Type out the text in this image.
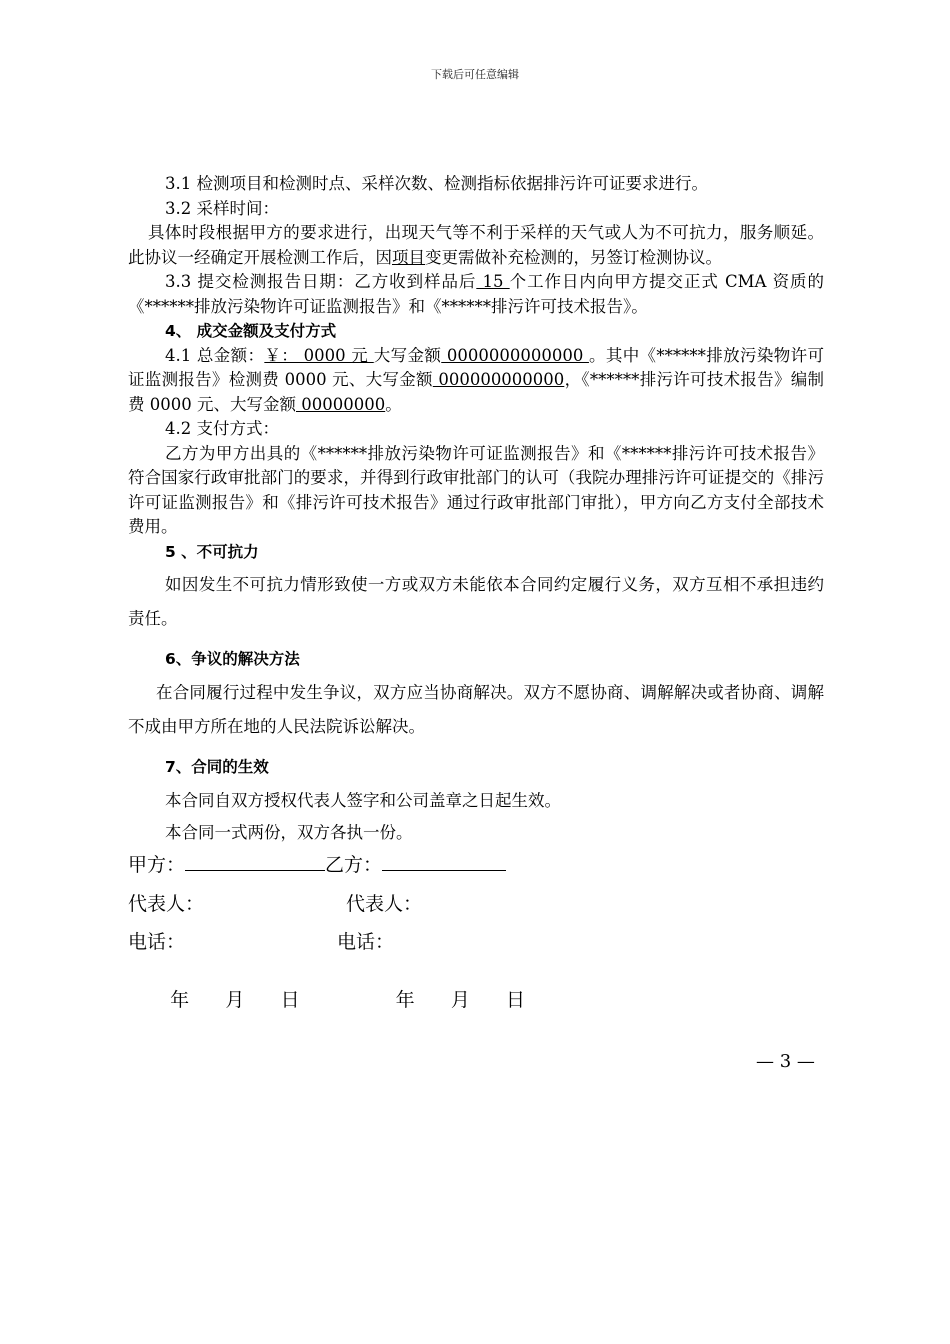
下载后可任意编辑

3.1 检测项目和检测时点、采样次数、检测指标依据排污许可证要求进行。

3.2 采样时间：

具体时段根据甲方的要求进行，出现天气等不利于采样的天气或人为不可抗力，服务顺延。此协议一经确定开展检测工作后，因项目变更需做补充检测的，另签订检测协议。

3.3 提交检测报告日期：乙方收到样品后 15 个工作日内向甲方提交正式 CMA 资质的《******排放污染物许可证监测报告》和《******排污许可技术报告》。

4、 成交金额及支付方式

4.1 总金额：￥： 0000 元 大写金额 0000000000000 。其中《******排放污染物许可证监测报告》检测费 0000 元、大写金额 000000000000，《******排污许可技术报告》编制费 0000 元、大写金额 00000000。

4.2 支付方式：

乙方为甲方出具的《******排放污染物许可证监测报告》和《******排污许可技术报告》符合国家行政审批部门的要求，并得到行政审批部门的认可（我院办理排污许可证提交的《排污许可证监测报告》和《排污许可技术报告》通过行政审批部门审批），甲方向乙方支付全部技术费用。

5 、不可抗力

如因发生不可抗力情形致使一方或双方未能依本合同约定履行义务，双方互相不承担违约责任。

6、争议的解决方法

在合同履行过程中发生争议，双方应当协商解决。双方不愿协商、调解解决或者协商、调解不成由甲方所在地的人民法院诉讼解决。

7、合同的生效

本合同自双方授权代表人签字和公司盖章之日起生效。

本合同一式两份，双方各执一份。

甲方：	乙方：
代表人：	代表人：
电话：	电话：

年      月      日	年      月      日

— 3 —
